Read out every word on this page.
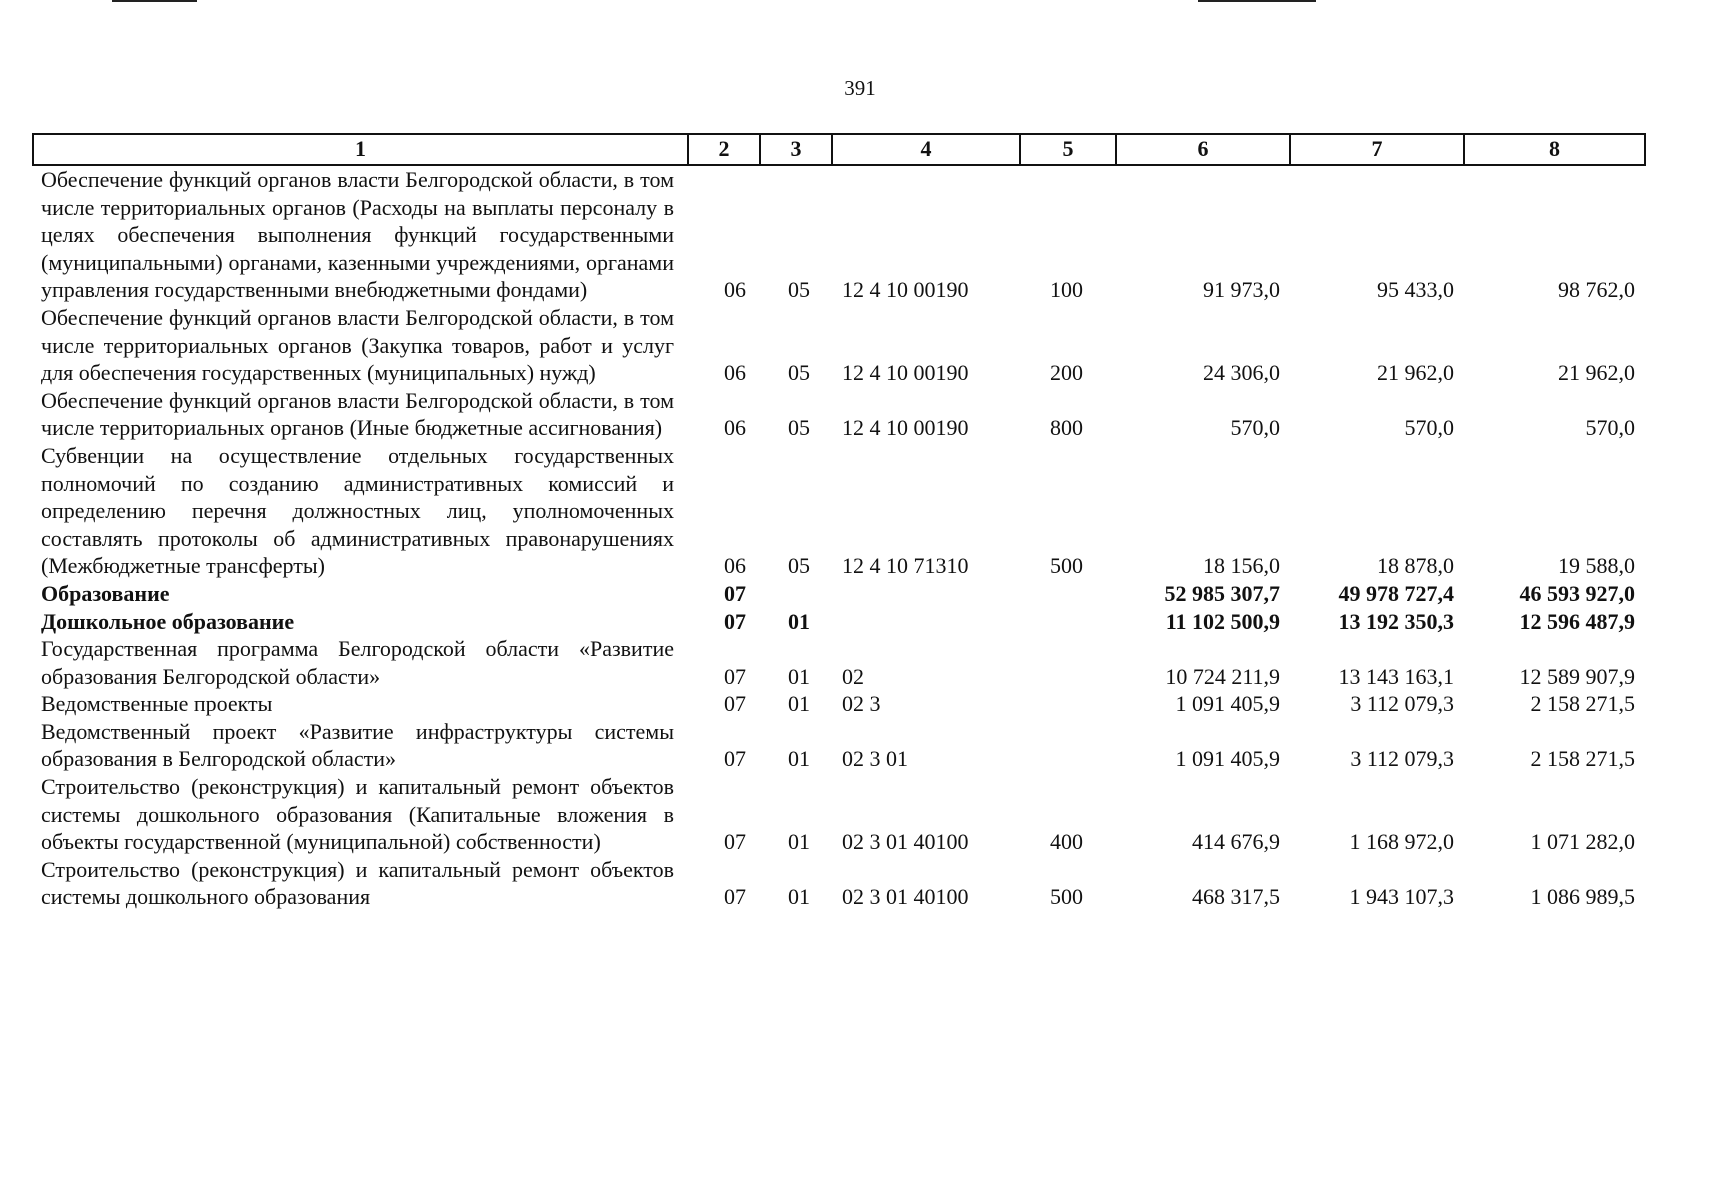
391
1	2	3	4	5	6	7	8
Обеспечение функций органов власти Белгородской области, в том числе территориальных органов (Расходы на выплаты персоналу в целях обеспечения выполнения функций государственными (муниципальными) органами, казенными учреждениями, органами управления государственными внебюджетными фондами)	06	05	12 4 10 00190	100	91 973,0	95 433,0	98 762,0
Обеспечение функций органов власти Белгородской области, в том числе территориальных органов (Закупка товаров, работ и услуг для обеспечения государственных (муниципальных) нужд)	06	05	12 4 10 00190	200	24 306,0	21 962,0	21 962,0
Обеспечение функций органов власти Белгородской области, в том числе территориальных органов (Иные бюджетные ассигнования)	06	05	12 4 10 00190	800	570,0	570,0	570,0
Субвенции на осуществление отдельных государственных полномочий по созданию административных комиссий и определению перечня должностных лиц, уполномоченных составлять протоколы об административных правонарушениях (Межбюджетные трансферты)	06	05	12 4 10 71310	500	18 156,0	18 878,0	19 588,0
Образование	07				52 985 307,7	49 978 727,4	46 593 927,0
Дошкольное образование	07	01			11 102 500,9	13 192 350,3	12 596 487,9
Государственная программа Белгородской области «Развитие образования Белгородской области»	07	01	02		10 724 211,9	13 143 163,1	12 589 907,9
Ведомственные проекты	07	01	02 3		1 091 405,9	3 112 079,3	2 158 271,5
Ведомственный проект «Развитие инфраструктуры системы образования в Белгородской области»	07	01	02 3 01		1 091 405,9	3 112 079,3	2 158 271,5
Строительство (реконструкция) и капитальный ремонт объектов системы дошкольного образования (Капитальные вложения в объекты государственной (муниципальной) собственности)	07	01	02 3 01 40100	400	414 676,9	1 168 972,0	1 071 282,0
Строительство (реконструкция) и капитальный ремонт объектов системы дошкольного образования	07	01	02 3 01 40100	500	468 317,5	1 943 107,3	1 086 989,5
